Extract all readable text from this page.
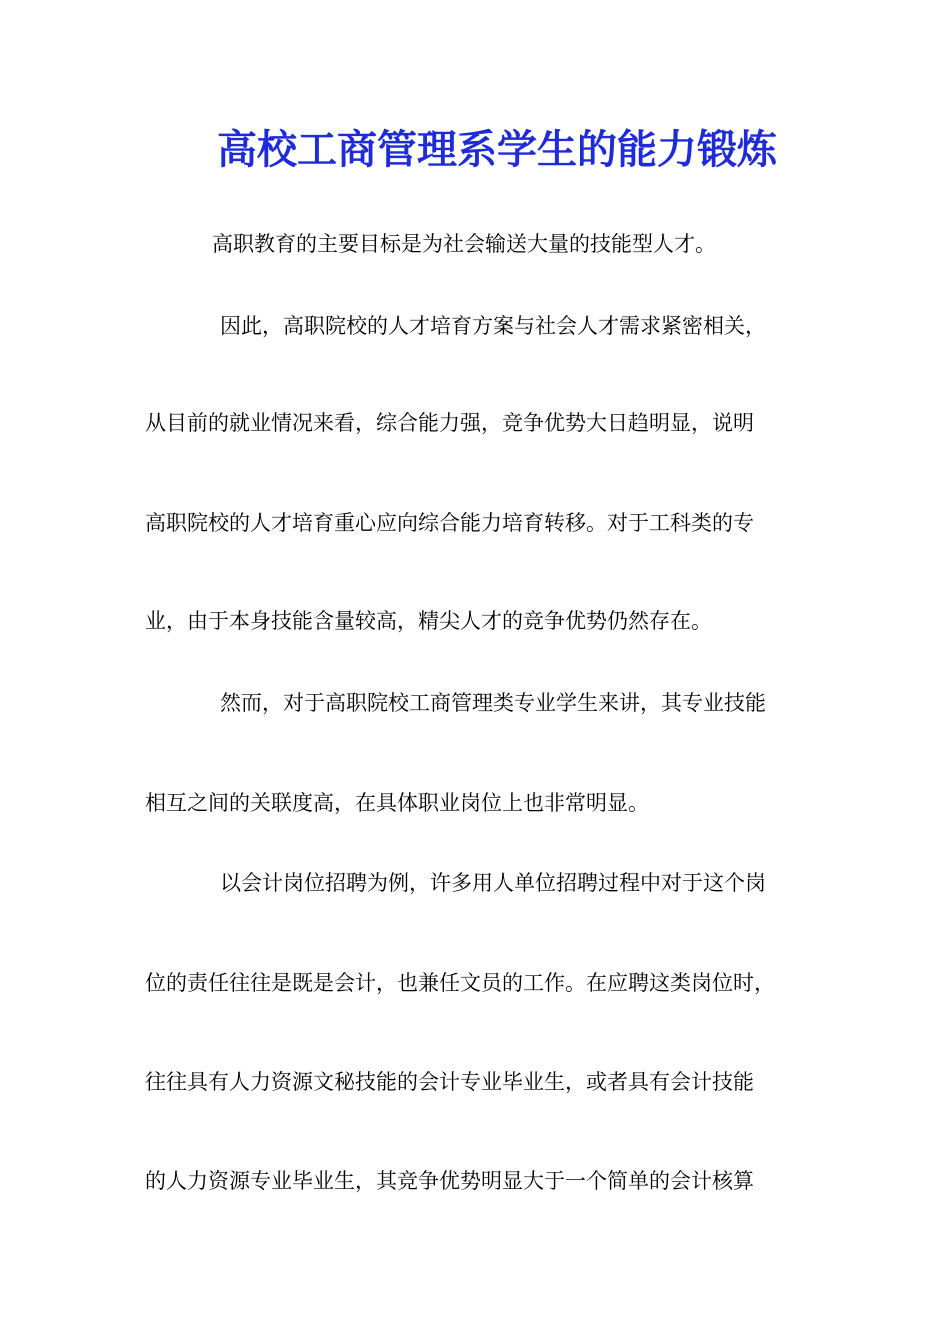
高校工商管理系学生的能力锻炼
高职教育的主要目标是为社会输送大量的技能型人才。
因此，高职院校的人才培育方案与社会人才需求紧密相关，
从目前的就业情况来看，综合能力强，竞争优势大日趋明显，说明
高职院校的人才培育重心应向综合能力培育转移。对于工科类的专
业，由于本身技能含量较高，精尖人才的竞争优势仍然存在。
然而，对于高职院校工商管理类专业学生来讲，其专业技能
相互之间的关联度高，在具体职业岗位上也非常明显。
以会计岗位招聘为例，许多用人单位招聘过程中对于这个岗
位的责任往往是既是会计，也兼任文员的工作。在应聘这类岗位时，
往往具有人力资源文秘技能的会计专业毕业生，或者具有会计技能
的人力资源专业毕业生，其竞争优势明显大于一个简单的会计核算
